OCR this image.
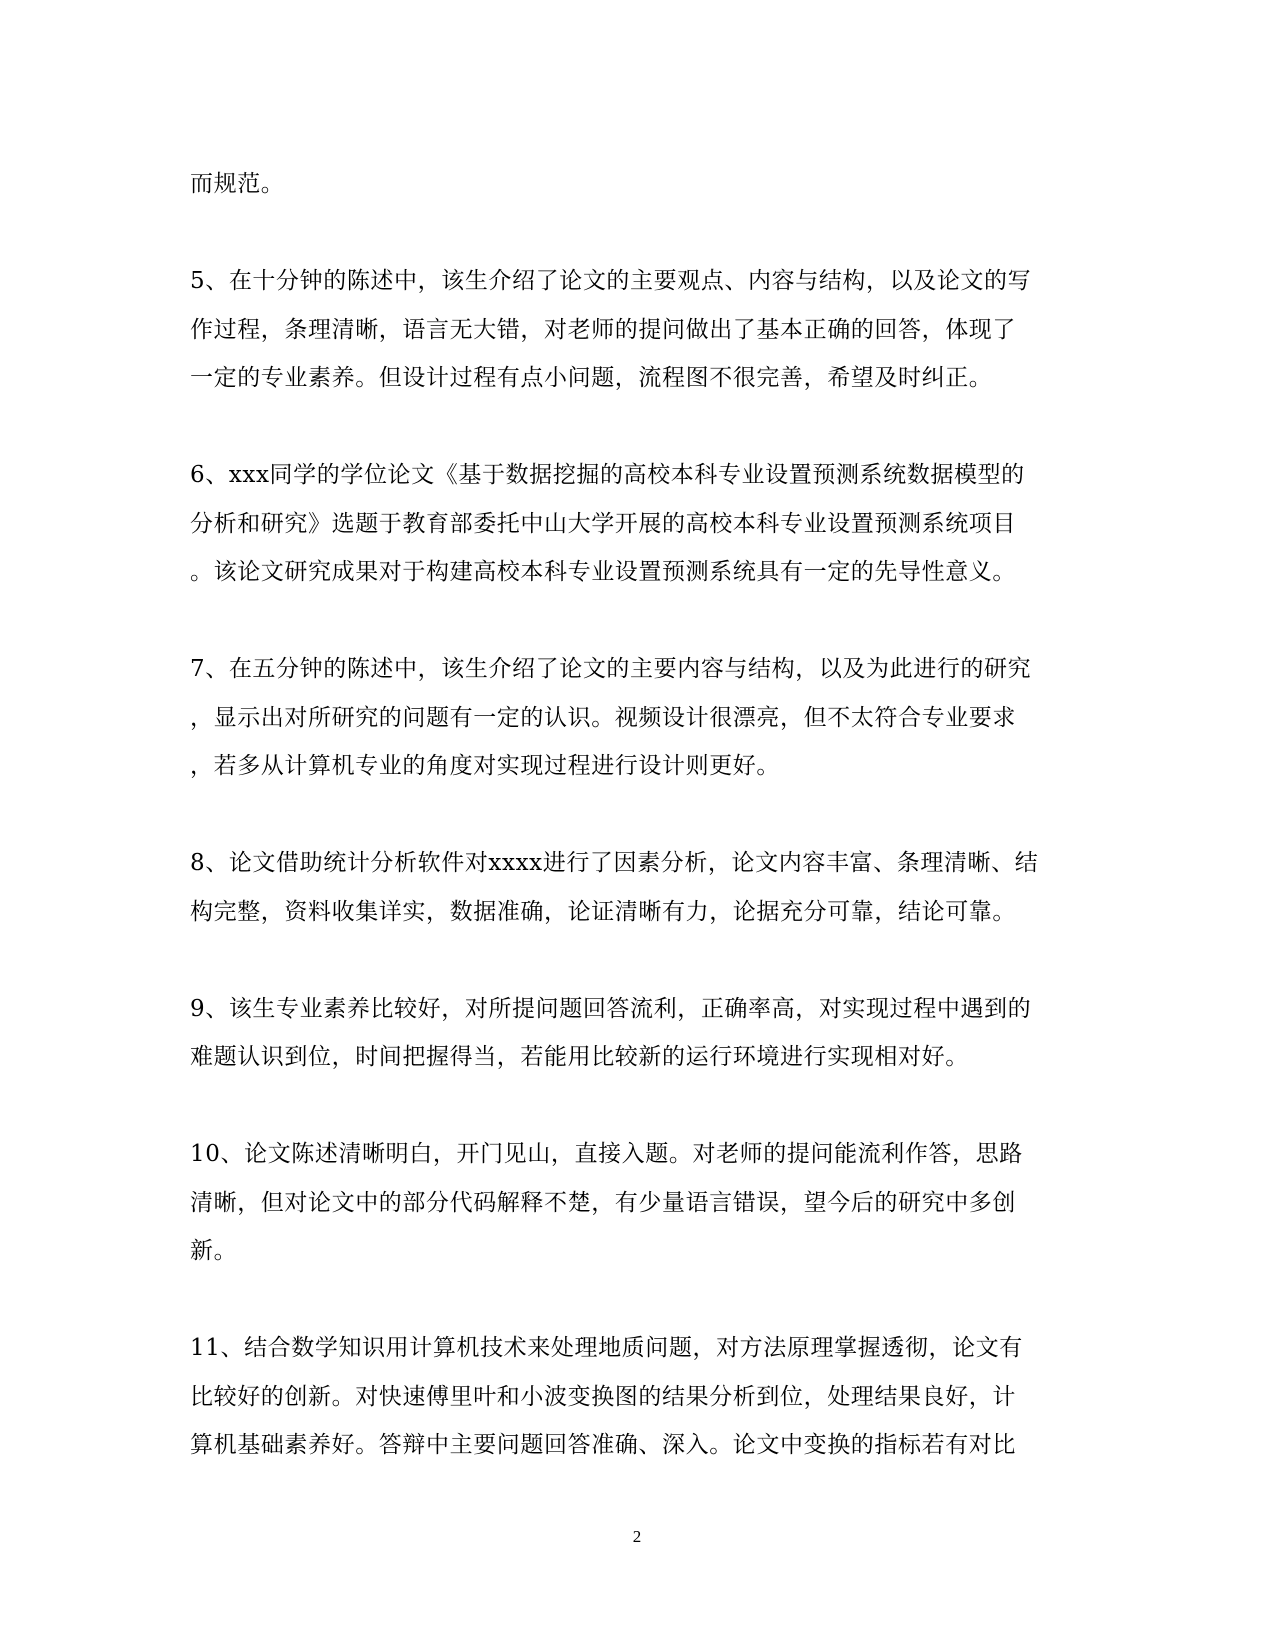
而规范。

5、在十分钟的陈述中，该生介绍了论文的主要观点、内容与结构，以及论文的写
作过程，条理清晰，语言无大错，对老师的提问做出了基本正确的回答，体现了
一定的专业素养。但设计过程有点小问题，流程图不很完善，希望及时纠正。

6、xxx同学的学位论文《基于数据挖掘的高校本科专业设置预测系统数据模型的
分析和研究》选题于教育部委托中山大学开展的高校本科专业设置预测系统项目
。该论文研究成果对于构建高校本科专业设置预测系统具有一定的先导性意义。

7、在五分钟的陈述中，该生介绍了论文的主要内容与结构，以及为此进行的研究
，显示出对所研究的问题有一定的认识。视频设计很漂亮，但不太符合专业要求
，若多从计算机专业的角度对实现过程进行设计则更好。

8、论文借助统计分析软件对xxxx进行了因素分析，论文内容丰富、条理清晰、结
构完整，资料收集详实，数据准确，论证清晰有力，论据充分可靠，结论可靠。

9、该生专业素养比较好，对所提问题回答流利，正确率高，对实现过程中遇到的
难题认识到位，时间把握得当，若能用比较新的运行环境进行实现相对好。

10、论文陈述清晰明白，开门见山，直接入题。对老师的提问能流利作答，思路
清晰，但对论文中的部分代码解释不楚，有少量语言错误，望今后的研究中多创
新。

11、结合数学知识用计算机技术来处理地质问题，对方法原理掌握透彻，论文有
比较好的创新。对快速傅里叶和小波变换图的结果分析到位，处理结果良好，计
算机基础素养好。答辩中主要问题回答准确、深入。论文中变换的指标若有对比

2
